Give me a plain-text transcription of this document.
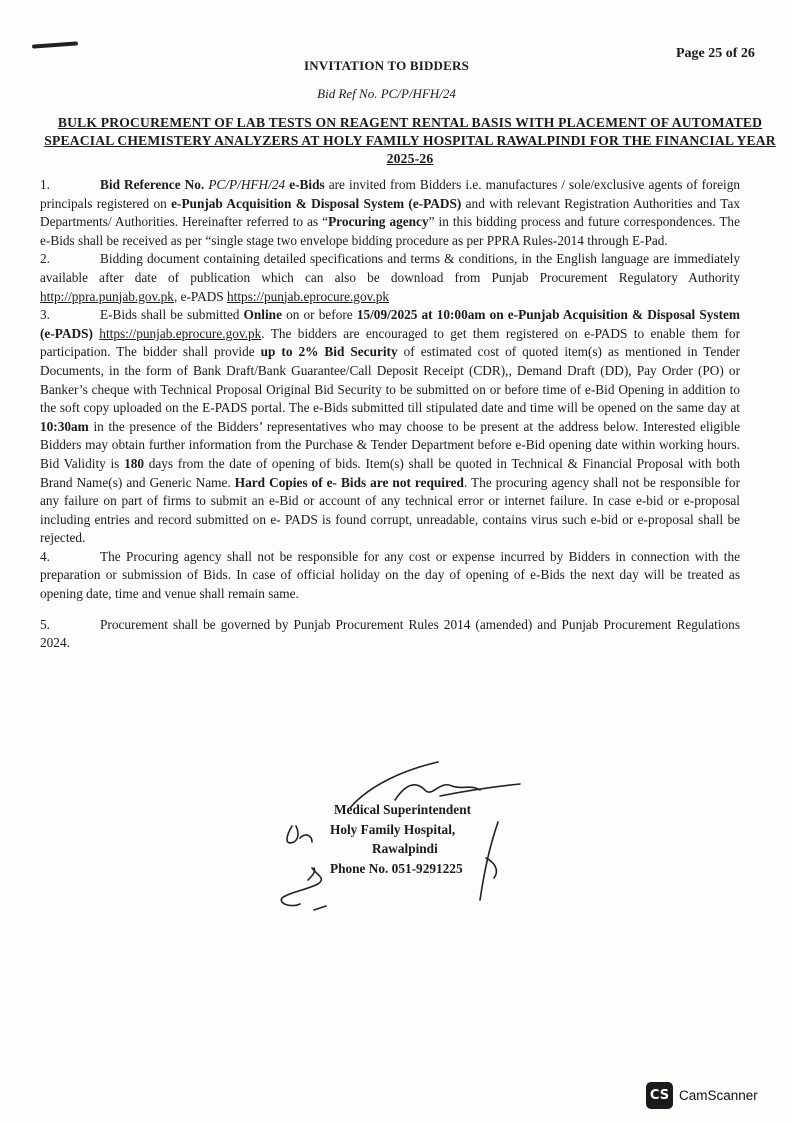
Page 25 of 26
INVITATION TO BIDDERS
Bid Ref No. PC/P/HFH/24
BULK PROCUREMENT OF LAB TESTS ON REAGENT RENTAL BASIS WITH PLACEMENT OF AUTOMATED SPEACIAL CHEMISTERY ANALYZERS AT HOLY FAMILY HOSPITAL RAWALPINDI FOR THE FINANCIAL YEAR 2025-26

1.	Bid Reference No. PC/P/HFH/24 e-Bids are invited from Bidders i.e. manufactures / sole/exclusive agents of foreign principals registered on e-Punjab Acquisition & Disposal System (e-PADS) and with relevant Registration Authorities and Tax Departments/ Authorities. Hereinafter referred to as “Procuring agency” in this bidding process and future correspondences. The e-Bids shall be received as per “single stage two envelope bidding procedure as per PPRA Rules-2014 through E-Pad.

2.	Bidding document containing detailed specifications and terms & conditions, in the English language are immediately available after date of publication which can also be download from Punjab Procurement Regulatory Authority http://ppra.punjab.gov.pk, e-PADS https://punjab.eprocure.gov.pk

3.	E-Bids shall be submitted Online on or before 15/09/2025 at 10:00am on e-Punjab Acquisition & Disposal System (e-PADS) https://punjab.eprocure.gov.pk. The bidders are encouraged to get them registered on e-PADS to enable them for participation. The bidder shall provide up to 2% Bid Security of estimated cost of quoted item(s) as mentioned in Tender Documents, in the form of Bank Draft/Bank Guarantee/Call Deposit Receipt (CDR),, Demand Draft (DD), Pay Order (PO) or Banker’s cheque with Technical Proposal Original Bid Security to be submitted on or before time of e-Bid Opening in addition to the soft copy uploaded on the E-PADS portal. The e-Bids submitted till stipulated date and time will be opened on the same day at 10:30am in the presence of the Bidders’ representatives who may choose to be present at the address below. Interested eligible Bidders may obtain further information from the Purchase & Tender Department before e-Bid opening date within working hours. Bid Validity is 180 days from the date of opening of bids. Item(s) shall be quoted in Technical & Financial Proposal with both Brand Name(s) and Generic Name. Hard Copies of e- Bids are not required. The procuring agency shall not be responsible for any failure on part of firms to submit an e-Bid or account of any technical error or internet failure. In case e-bid or e-proposal including entries and record submitted on e- PADS is found corrupt, unreadable, contains virus such e-bid or e-proposal shall be rejected.

4.	The Procuring agency shall not be responsible for any cost or expense incurred by Bidders in connection with the preparation or submission of Bids. In case of official holiday on the day of opening of e-Bids the next day will be treated as opening date, time and venue shall remain same.

5.	Procurement shall be governed by Punjab Procurement Rules 2014 (amended) and Punjab Procurement Regulations 2024.

Medical Superintendent
Holy Family Hospital,
Rawalpindi
Phone No. 051-9291225
CS CamScanner
